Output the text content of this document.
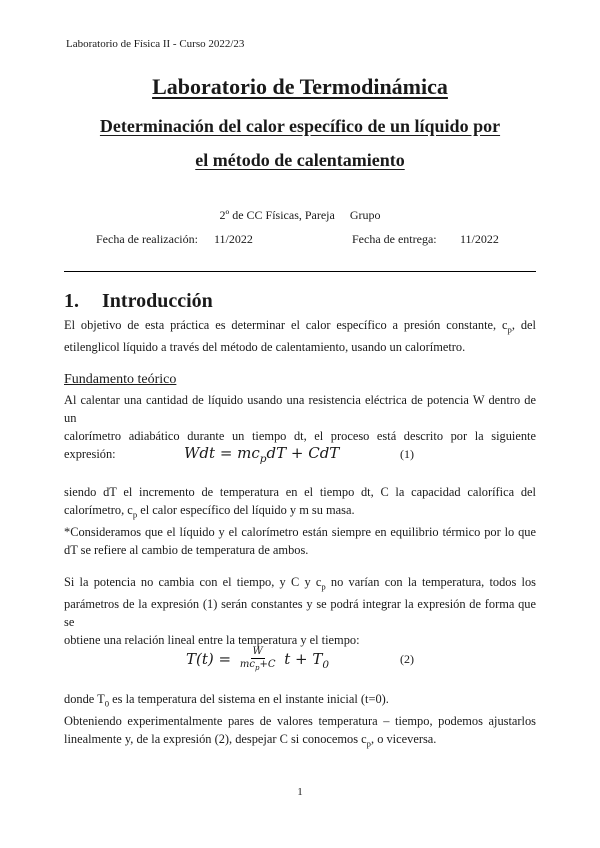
Laboratorio de Física II - Curso 2022/23
Laboratorio de Termodinámica
Determinación del calor específico de un líquido por
el método de calentamiento
2º de CC Físicas, Pareja Grupo
Fecha de realización: 11/2022	Fecha de entrega: 11/2022
1. Introducción
El objetivo de esta práctica es determinar el calor específico a presión constante, $c_p$, del
etilenglicol líquido a través del método de calentamiento, usando un calorímetro.
Fundamento teórico
Al calentar una cantidad de líquido usando una resistencia eléctrica de potencia W dentro de un
calorímetro adiabático durante un tiempo dt, el proceso está descrito por la siguiente expresión:	Wdt = $mc_pdT$ + CdT	(1)
siendo dT el incremento de temperatura en el tiempo dt, C la capacidad calorífica del
calorímetro, $c_p$ el calor específico del líquido y m su masa.
*Consideramos que el líquido y el calorímetro están siempre en equilibrio térmico por lo que
dT se refiere al cambio de temperatura de ambos.
Si la potencia no cambia con el tiempo, y C y $c_p$ no varían con la temperatura, todos los
parámetros de la expresión (1) serán constantes y se podrá integrar la expresión de forma que se
obtiene una relación lineal entre la temperatura y el tiempo:
$T(t) = \frac{W}{mc_p+C}$ $t + T_0$	(2)
donde $T_0$ es la temperatura del sistema en el instante inicial (t=0).
Obteniendo experimentalmente pares de valores temperatura – tiempo, podemos ajustarlos
linealmente y, de la expresión (2), despejar C si conocemos $c_p$, o viceversa.
1
